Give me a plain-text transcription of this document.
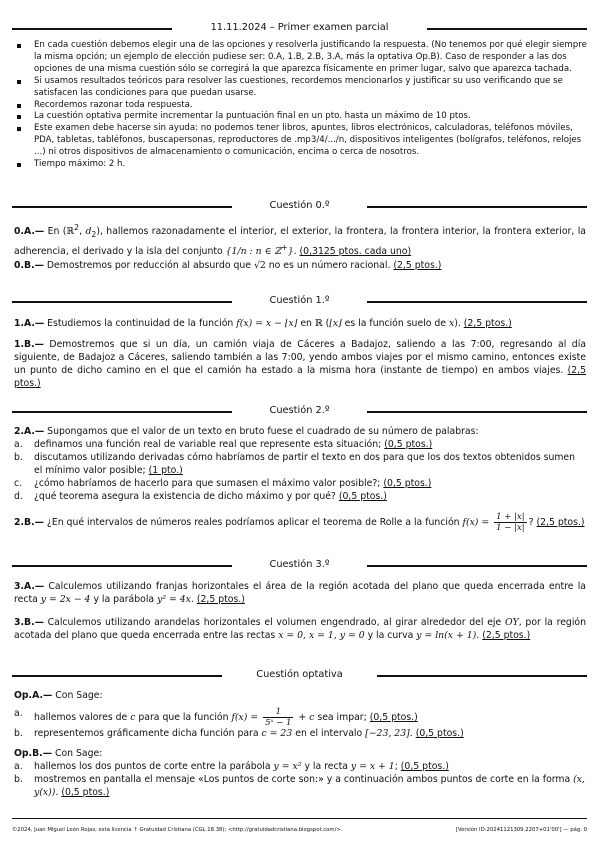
11.11.2024 – Primer examen parcial
En cada cuestión debemos elegir una de las opciones y resolverla justificando la respuesta. (No tenemos por qué elegir siempre la misma opción; un ejemplo de elección pudiese ser: 0.A, 1.B, 2.B, 3.A, más la optativa Op.B). Caso de responder a las dos opciones de una misma cuestión sólo se corregirá la que aparezca físicamente en primer lugar, salvo que aparezca tachada.
Si usamos resultados teóricos para resolver las cuestiones, recordemos mencionarlos y justificar su uso verificando que se satisfacen las condiciones para que puedan usarse.
Recordemos razonar toda respuesta.
La cuestión optativa permite incrementar la puntuación final en un pto. hasta un máximo de 10 ptos.
Este examen debe hacerse sin ayuda: no podemos tener libros, apuntes, libros electrónicos, calculadoras, teléfonos móviles, PDA, tabletas, tabléfonos, buscapersonas, reproductores de .mp3/4/.../n, dispositivos inteligentes (bolígrafos, teléfonos, relojes ...) ni otros dispositivos de almacenamiento o comunicación, encima o cerca de nosotros.
Tiempo máximo: 2 h.
Cuestión 0.º
0.A.— En (ℝ$^2$, $d_2$), hallemos razonadamente el interior, el exterior, la frontera, la frontera interior, la frontera exterior, la adherencia, el derivado y la isla del conjunto {1/n : n ∈ ℤ+}. (0,3125 ptos. cada uno)
0.B.— Demostremos por reducción al absurdo que √2 no es un número racional. (2,5 ptos.)
Cuestión 1.º
1.A.— Estudiemos la continuidad de la función f(x) = x − ⌊x⌋ en ℝ (⌊x⌋ es la función suelo de x). (2,5 ptos.)
1.B.— Demostremos que si un día, un camión viaja de Cáceres a Badajoz, saliendo a las 7:00, regresando al día siguiente, de Badajoz a Cáceres, saliendo también a las 7:00, yendo ambos viajes por el mismo camino, entonces existe un punto de dicho camino en el que el camión ha estado a la misma hora (instante de tiempo) en ambos viajes. (2,5 ptos.)
Cuestión 2.º
2.A.— Supongamos que el valor de un texto en bruto fuese el cuadrado de su número de palabras:
a. definamos una función real de variable real que represente esta situación; (0,5 ptos.)
b. discutamos utilizando derivadas cómo habríamos de partir el texto en dos para que los dos textos obtenidos sumen el mínimo valor posible; (1 pto.)
c. ¿cómo habríamos de hacerlo para que sumasen el máximo valor posible?; (0,5 ptos.)
d. ¿qué teorema asegura la existencia de dicho máximo y por qué? (0,5 ptos.)
2.B.— ¿En qué intervalos de números reales podríamos aplicar el teorema de Rolle a la función $f(x) = \frac{1 + |x|}{1 - |x|}$ ? (2,5 ptos.)
Cuestión 3.º
3.A.— Calculemos utilizando franjas horizontales el área de la región acotada del plano que queda encerrada entre la recta y = 2x − 4 y la parábola y² = 4x. (2,5 ptos.)
3.B.— Calculemos utilizando arandelas horizontales el volumen engendrado, al girar alrededor del eje OY, por la región acotada del plano que queda encerrada entre las rectas x = 0, x = 1, y = 0 y la curva y = ln(x + 1). (2,5 ptos.)
Cuestión optativa
Op.A.— Con Sage:
a. hallemos valores de c para que la función $f(x) = \frac{1}{\text{5ˣ − 1}} + c$ sea impar; (0,5 ptos.)
b. representemos gráficamente dicha función para c = 23 en el intervalo [−23, 23]. (0,5 ptos.)
Op.B.— Con Sage:
a. hallemos los dos puntos de corte entre la parábola y = x² y la recta y = x + 1; (0,5 ptos.)
b. mostremos en pantalla el mensaje «Los puntos de corte son:» y a continuación ambos puntos de corte en la forma (x, y(x)). (0,5 ptos.)
©2024, Juan Miguel León Rojas; esta licencia ↑ Gratuidad Cristiana (CGL 18.38); <http://gratuidadcristiana.blogspot.com/>.	[Versión ID:20241121309.2207+01'00'] — pág. 0
